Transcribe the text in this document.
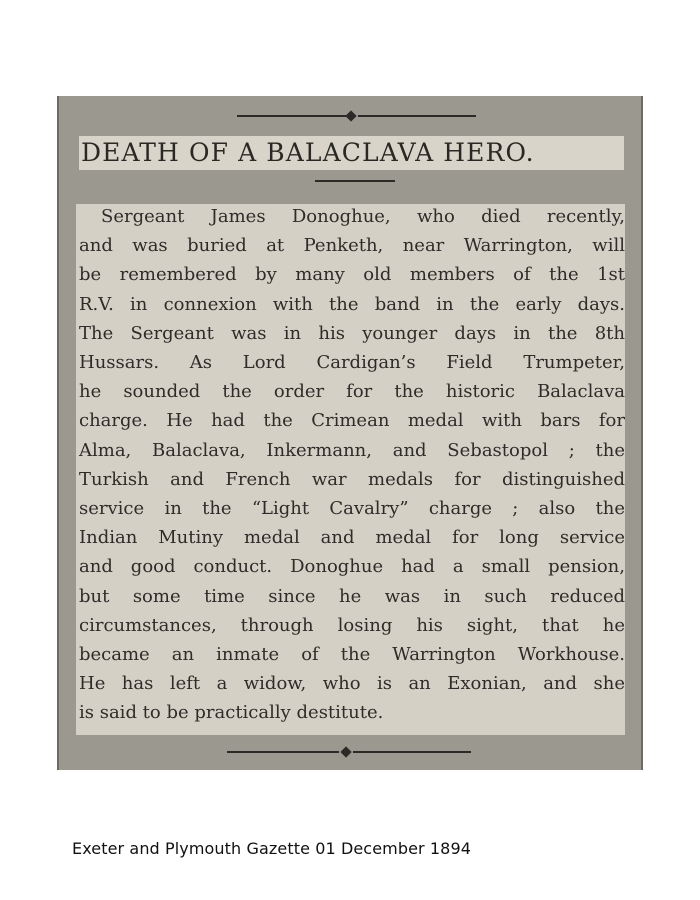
DEATH OF A BALACLAVA HERO.
Sergeant James Donoghue, who died recently,
and was buried at Penketh, near Warrington, will
be remembered by many old members of the 1st
R.V. in connexion with the band in the early days.
The Sergeant was in his younger days in the 8th
Hussars. As Lord Cardigan’s Field Trumpeter,
he sounded the order for the historic Balaclava
charge. He had the Crimean medal with bars for
Alma, Balaclava, Inkermann, and Sebastopol ; the
Turkish and French war medals for distinguished
service in the “Light Cavalry” charge ; also the
Indian Mutiny medal and medal for long service
and good conduct. Donoghue had a small pension,
but some time since he was in such reduced
circumstances, through losing his sight, that he
became an inmate of the Warrington Workhouse.
He has left a widow, who is an Exonian, and she
is said to be practically destitute.
Exeter and Plymouth Gazette 01 December 1894
